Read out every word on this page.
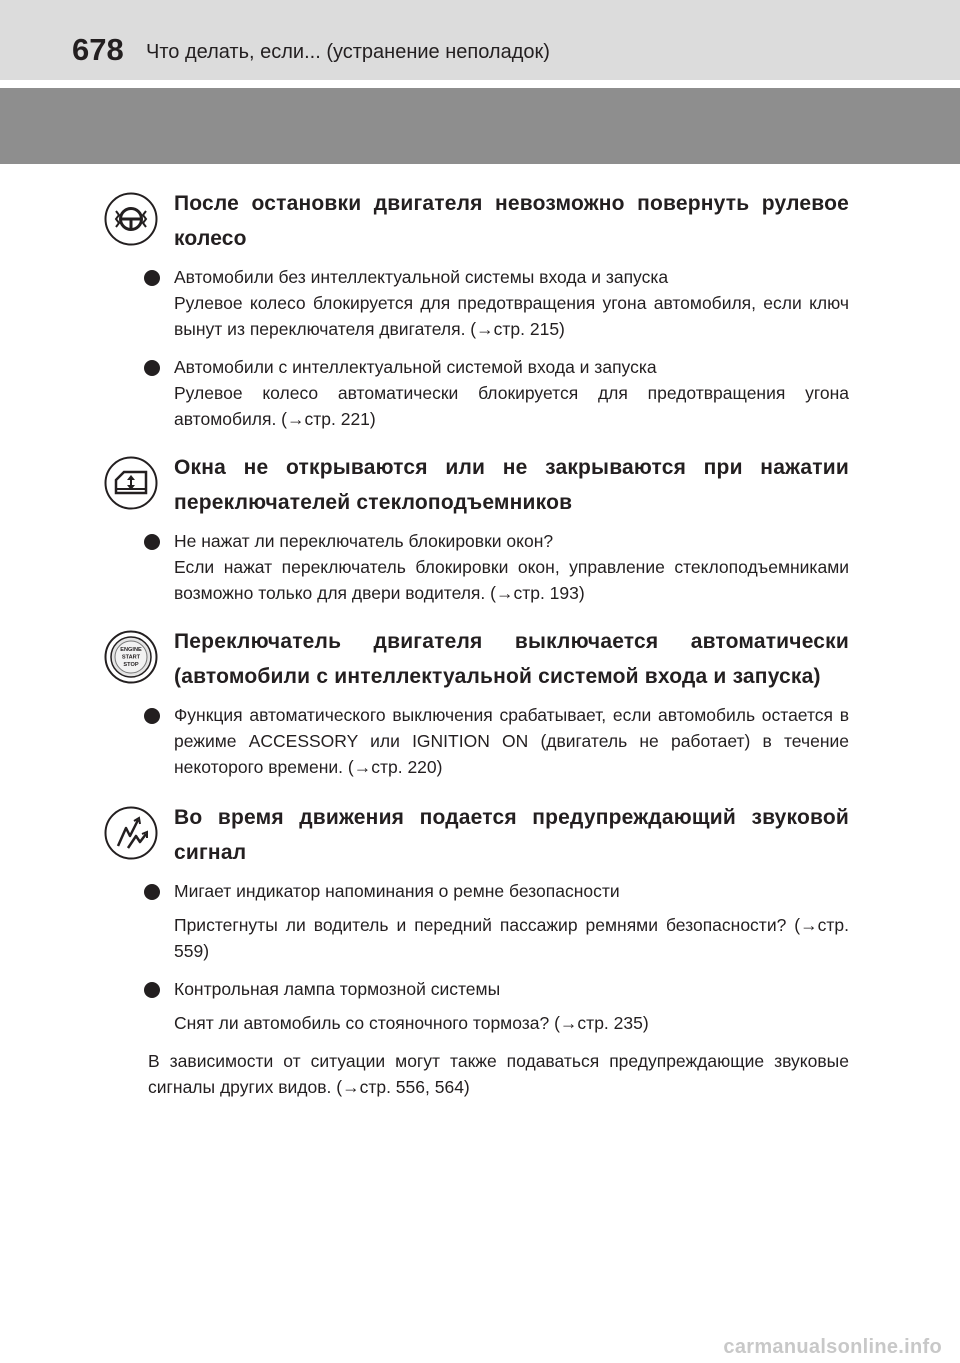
678 Что делать, если... (устранение неполадок)
После остановки двигателя невозможно повернуть рулевое колесо
Автомобили без интеллектуальной системы входа и запуска
Рулевое колесо блокируется для предотвращения угона автомобиля, если ключ вынут из переключателя двигателя. (→стр. 215)
Автомобили с интеллектуальной системой входа и запуска
Рулевое колесо автоматически блокируется для предотвращения угона автомобиля. (→стр. 221)
Окна не открываются или не закрываются при нажатии переключателей стеклоподъемников
Не нажат ли переключатель блокировки окон?
Если нажат переключатель блокировки окон, управление стеклоподъемниками возможно только для двери водителя. (→стр. 193)
ENGINE
START
STOP
Переключатель двигателя выключается автоматически (автомобили с интеллектуальной системой входа и запуска)
Функция автоматического выключения срабатывает, если автомобиль остается в режиме ACCESSORY или IGNITION ON (двигатель не работает) в течение некоторого времени. (→стр. 220)
Во время движения подается предупреждающий звуковой сигнал
Мигает индикатор напоминания о ремне безопасности
Пристегнуты ли водитель и передний пассажир ремнями безопасности? (→стр. 559)
Контрольная лампа тормозной системы
Снят ли автомобиль со стояночного тормоза? (→стр. 235)
В зависимости от ситуации могут также подаваться предупреждающие звуковые сигналы других видов. (→стр. 556, 564)
carmanualsonline.info
